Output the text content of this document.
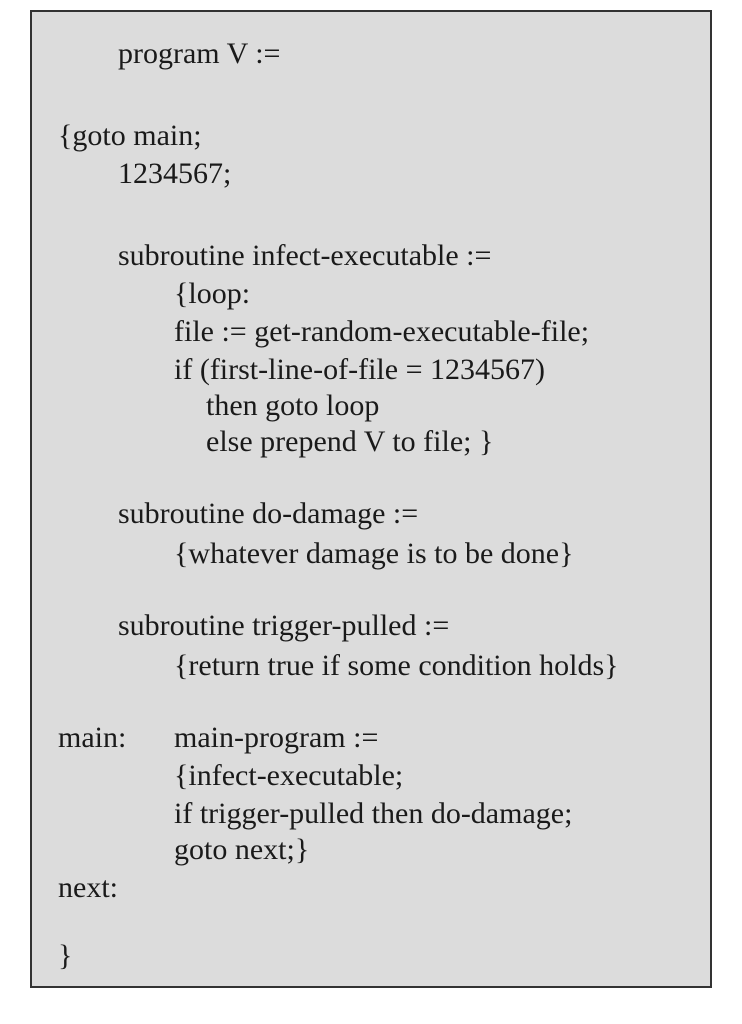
program V :=
{goto main;
1234567;
subroutine infect-executable :=
{loop:
file := get-random-executable-file;
if (first-line-of-file = 1234567)
then goto loop
else prepend V to file; }
subroutine do-damage :=
{whatever damage is to be done}
subroutine trigger-pulled :=
{return true if some condition holds}
main: main-program :=
{infect-executable;
if trigger-pulled then do-damage;
goto next;}
next:
}
